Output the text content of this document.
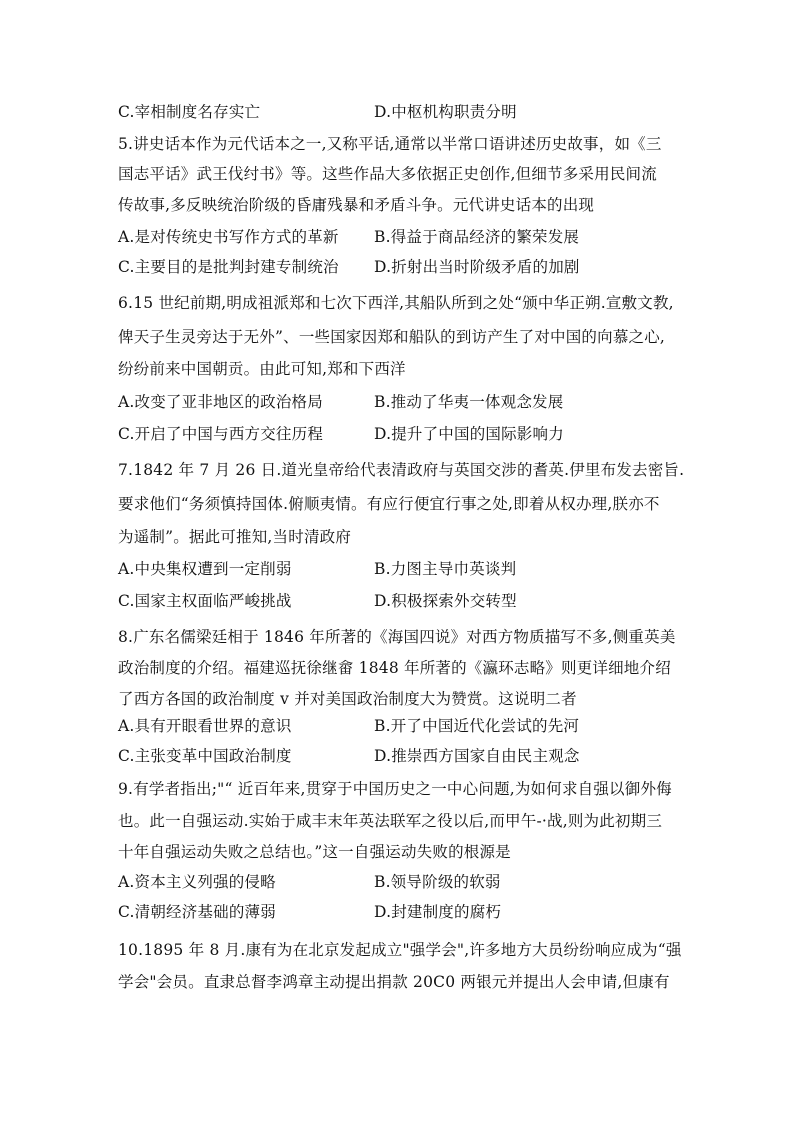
C.宰相制度名存实亡	D.中枢机构职责分明
5.讲史话本作为元代话本之一,又称平话,通常以半常口语讲述历史故事，如《三
国志平话》武王伐纣书》等。这些作品大多依据正史创作,但细节多采用民间流
传故事,多反映统治阶级的昏庸残暴和矛盾斗争。元代讲史话本的出现
A.是对传统史书写作方式的革新 B.得益于商品经济的繁荣发展
C.主要目的是批判封建专制统治 D.折射出当时阶级矛盾的加剧
6.15 世纪前期,明成祖派郑和七次下西洋,其船队所到之处“颁中华正朔.宣敷文教,
俾天子生灵旁达于无外”、一些国家因郑和船队的到访产生了对中国的向慕之心,
纷纷前来中国朝贡。由此可知,郑和下西洋
A.改变了亚非地区的政治格局	B.推动了华夷一体观念发展
C.开启了中国与西方交往历程	D.提升了中国的国际影响力
7.1842 年 7 月 26 日.道光皇帝给代表清政府与英国交涉的耆英.伊里布发去密旨.
要求他们“务须慎持国体.俯顺夷情。有应行便宜行事之处,即着从权办理,朕亦不
为遥制”。据此可推知,当时清政府
A.中央集权遭到一定削弱	B.力图主导巾英谈判
C.国家主权面临严峻挑战	D.积极探索外交转型
8.广东名儒梁廷相于 1846 年所著的《海国四说》对西方物质描写不多,侧重英美
政治制度的介绍。福建巡抚徐继畲 1848 年所著的《瀛环志略》则更详细地介绍
了西方各国的政治制度 v 并对美国政治制度大为赞赏。这说明二者
A.具有开眼看世界的意识	B.开了中国近代化尝试的先河
C.主张变革中国政治制度	D.推崇西方国家自由民主观念
9.有学者指出;"“ 近百年来,贯穿于中国历史之一中心问题,为如何求自强以御外侮
也。此一自强运动.实始于咸丰末年英法联军之役以后,而甲午-·战,则为此初期三
十年自强运动失败之总结也。”这一自强运动失败的根源是
A.资本主义列强的侵略	B.领导阶级的软弱
C.清朝经济基础的薄弱	D.封建制度的腐朽
10.1895 年 8 月.康有为在北京发起成立"强学会",许多地方大员纷纷响应成为“强
学会"会员。直隶总督李鸿章主动提出捐款 20C0 两银元并提出人会申请,但康有
